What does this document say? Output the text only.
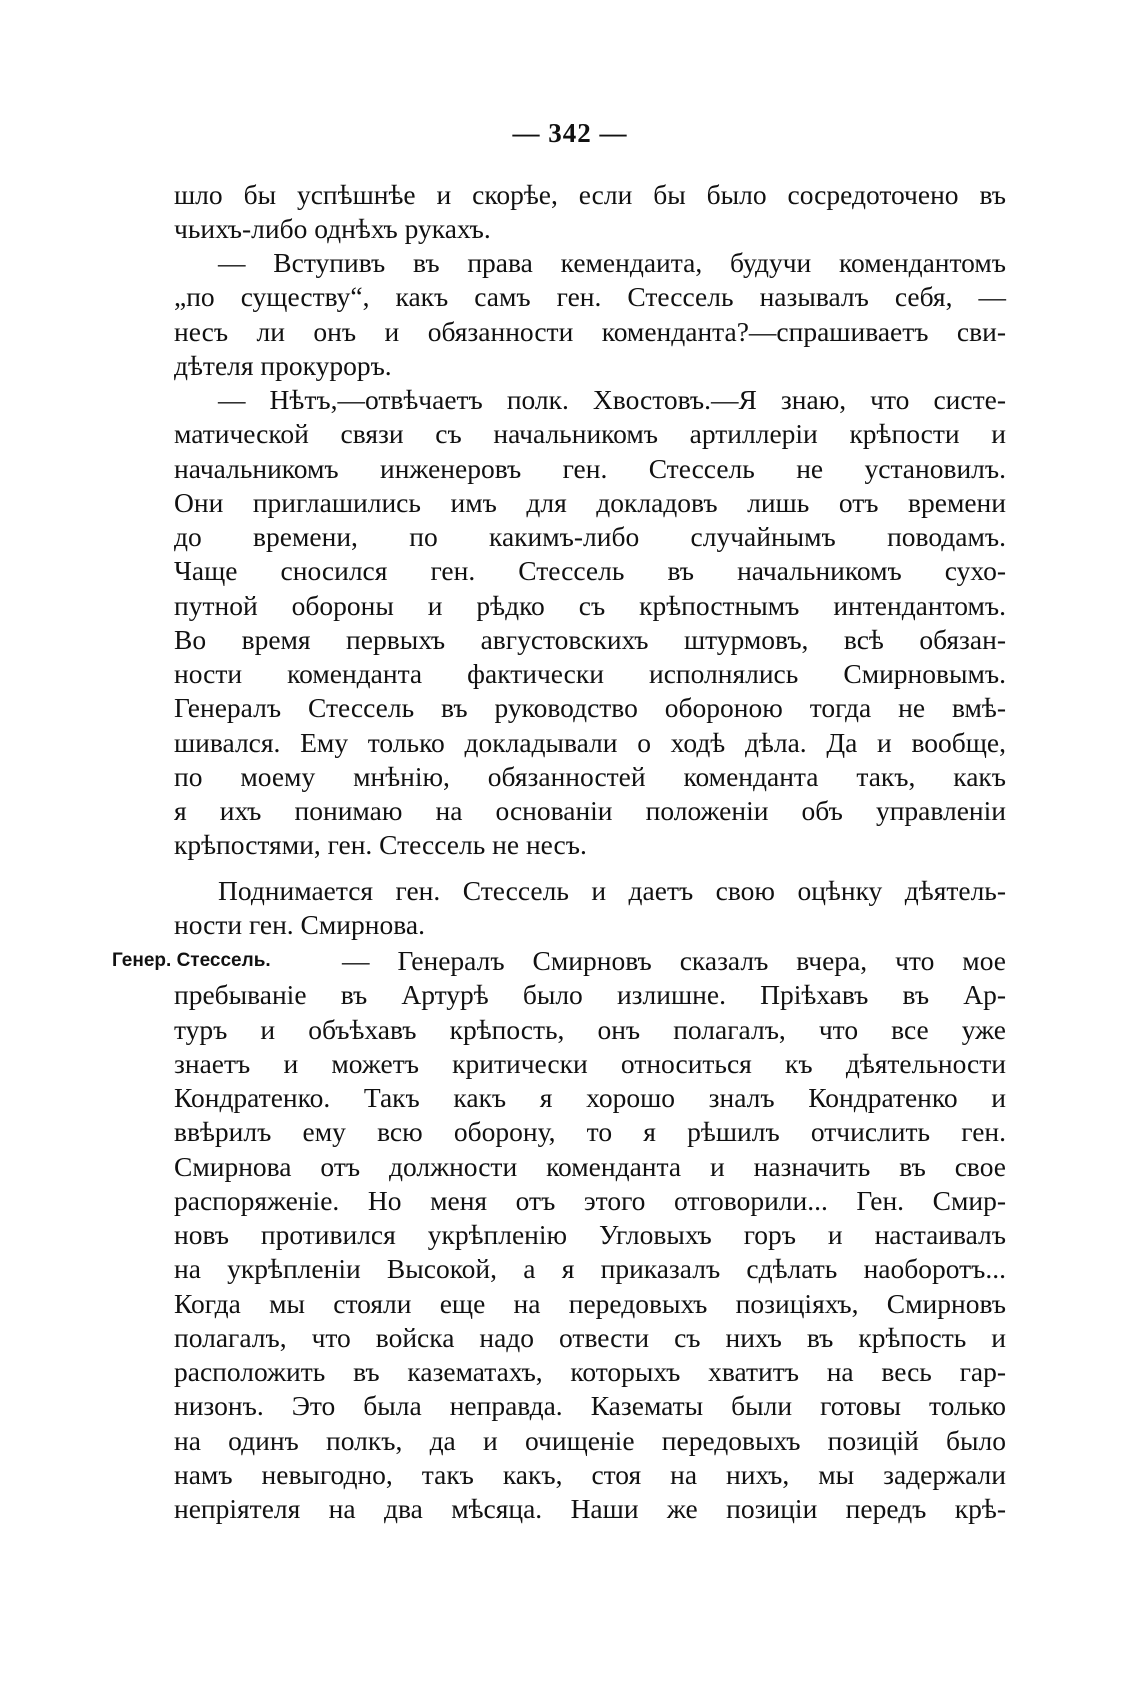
— 342 —
шло бы успѣшнѣе и скорѣе, если бы было сосредоточено въ
чьихъ-либо однѣхъ рукахъ.
— Вступивъ въ права кемендаита, будучи комендантомъ
„по существу“, какъ самъ ген. Стессель называлъ себя, —
несъ ли онъ и обязанности коменданта?—спрашиваетъ сви-
дѣтеля прокуроръ.
— Нѣтъ,—отвѣчаетъ полк. Хвостовъ.—Я знаю, что систе-
матической связи съ начальникомъ артиллеріи крѣпости и
начальникомъ инженеровъ ген. Стессель не установилъ.
Они приглашились имъ для докладовъ лишь отъ времени
до времени, по какимъ-либо случайнымъ поводамъ.
Чаще сносился ген. Стессель въ начальникомъ сухо-
путной обороны и рѣдко съ крѣпостнымъ интендантомъ.
Во время первыхъ августовскихъ штурмовъ, всѣ обязан-
ности коменданта фактически исполнялись Смирновымъ.
Генералъ Стессель въ руководство обороною тогда не вмѣ-
шивался. Ему только докладывали о ходѣ дѣла. Да и вообще,
по моему мнѣнію, обязанностей коменданта такъ, какъ
я ихъ понимаю на основаніи положеніи объ управленіи
крѣпостями, ген. Стессель не несъ.
Поднимается ген. Стессель и даетъ свою оцѣнку дѣятель-
ности ген. Смирнова.
Генер. Стессель.	— Генералъ Смирновъ сказалъ вчера, что мое
пребываніе въ Артурѣ было излишне. Пріѣхавъ въ Ар-
туръ и объѣхавъ крѣпость, онъ полагалъ, что все уже
знаетъ и можетъ критически относиться къ дѣятельности
Кондратенко. Такъ какъ я хорошо зналъ Кондратенко и
ввѣрилъ ему всю оборону, то я рѣшилъ отчислить ген.
Смирнова отъ должности коменданта и назначить въ свое
распоряженіе. Но меня отъ этого отговорили... Ген. Смир-
новъ противился укрѣпленію Угловыхъ горъ и настаивалъ
на укрѣпленіи Высокой, а я приказалъ сдѣлать наоборотъ...
Когда мы стояли еще на передовыхъ позиціяхъ, Смирновъ
полагалъ, что войска надо отвести съ нихъ въ крѣпость и
расположить въ казематахъ, которыхъ хватитъ на весь гар-
низонъ. Это была неправда. Казематы были готовы только
на одинъ полкъ, да и очищеніе передовыхъ позицій было
намъ невыгодно, такъ какъ, стоя на нихъ, мы задержали
непріятеля на два мѣсяца. Наши же позиціи передъ крѣ-
